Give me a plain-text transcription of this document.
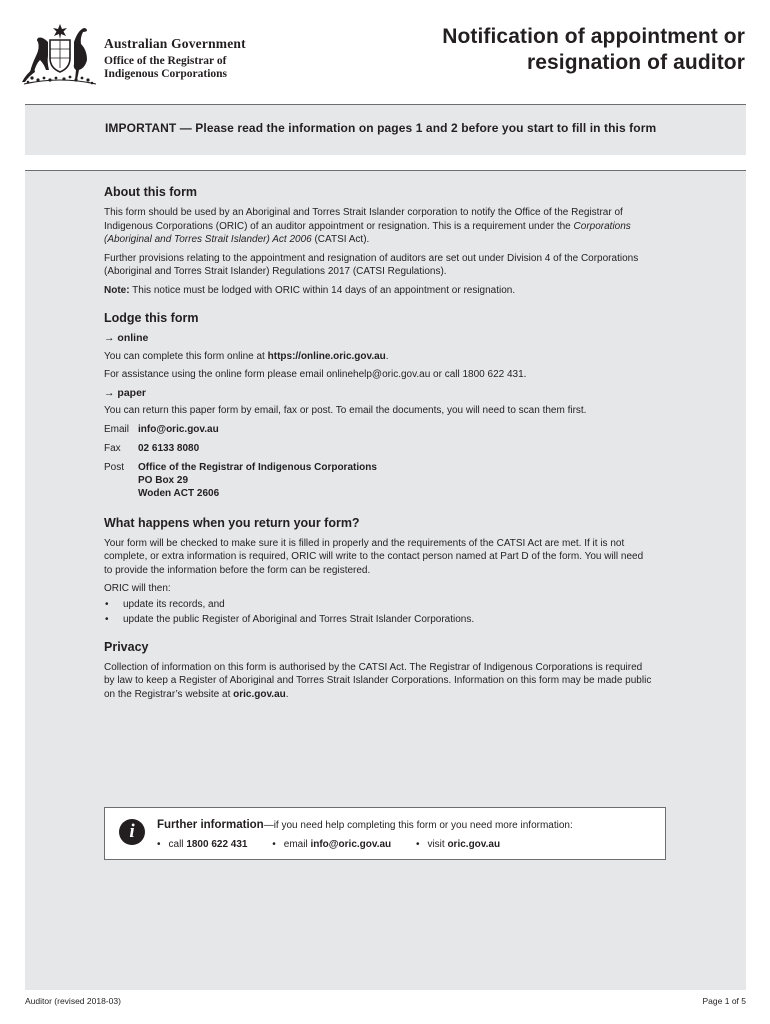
Australian Government
Office of the Registrar of
Indigenous Corporations
Notification of appointment or
resignation of auditor
IMPORTANT — Please read the information on pages 1 and 2 before you start to fill in this form
About this form

This form should be used by an Aboriginal and Torres Strait Islander corporation to notify the Office of the Registrar of Indigenous Corporations (ORIC) of an auditor appointment or resignation. This is a requirement under the Corporations (Aboriginal and Torres Strait Islander) Act 2006 (CATSI Act).

Further provisions relating to the appointment and resignation of auditors are set out under Division 4 of the Corporations (Aboriginal and Torres Strait Islander) Regulations 2017 (CATSI Regulations).

Note: This notice must be lodged with ORIC within 14 days of an appointment or resignation.

Lodge this form
→ online

You can complete this form online at https://online.oric.gov.au.

For assistance using the online form please email onlinehelp@oric.gov.au or call 1800 622 431.

→ paper

You can return this paper form by email, fax or post. To email the documents, you will need to scan them first.

Email	info@oric.gov.au
Fax	02 6133 8080
Post	Office of the Registrar of Indigenous Corporations
PO Box 29
Woden ACT 2606
What happens when you return your form?

Your form will be checked to make sure it is filled in properly and the requirements of the CATSI Act are met. If it is not complete, or extra information is required, ORIC will write to the contact person named at Part D of the form. You will need to provide the information before the form can be registered.

ORIC will then:

• update its records, and
• update the public Register of Aboriginal and Torres Strait Islander Corporations.
Privacy

Collection of information on this form is authorised by the CATSI Act. The Registrar of Indigenous Corporations is required by law to keep a Register of Aboriginal and Torres Strait Islander Corporations. Information on this form may be made public on the Registrar’s website at oric.gov.au.

i	Further information—if you need help completing this form or you need more information:
• call 1800 622 431 • email info@oric.gov.au • visit oric.gov.au
Auditor (revised 2018-03)	Page 1 of 5
